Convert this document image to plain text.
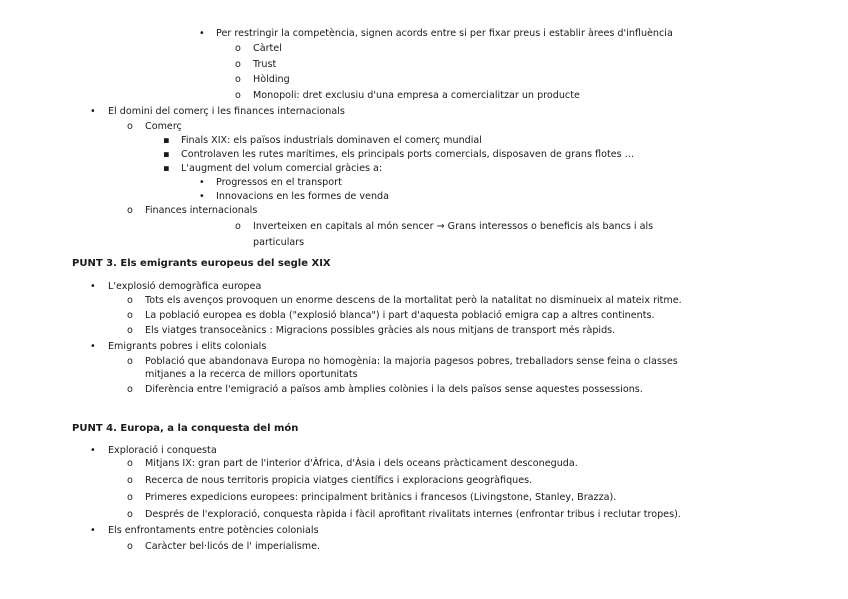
• Per restringir la competència, signen acords entre si per fixar preus i establir àrees d'influència
o Càrtel
o Trust
o Hòlding
o Monopoli: dret exclusiu d'una empresa a comercialitzar un producte
• El domini del comerç i les finances internacionals
o Comerç
▪ Finals XIX: els països industrials dominaven el comerç mundial
▪ Controlaven les rutes marítimes, els principals ports comercials, disposaven de grans flotes …
▪ L'augment del volum comercial gràcies a:
• Progressos en el transport
• Innovacions en les formes de venda
o Finances internacionals
o Inverteixen en capitals al món sencer → Grans interessos o beneficis als bancs i als
particulars
PUNT 3. Els emigrants europeus del segle XIX
• L'explosió demogràfica europea
o Tots els avenços provoquen un enorme descens de la mortalitat però la natalitat no disminueix al mateix ritme.
o La població europea es dobla ("explosió blanca") i part d'aquesta població emigra cap a altres continents.
o Els viatges transoceànics : Migracions possibles gràcies als nous mitjans de transport més ràpids.
• Emigrants pobres i elits colonials
o Població que abandonava Europa no homogènia: la majoria pagesos pobres, treballadors sense feina o classes
mitjanes a la recerca de millors oportunitats
o Diferència entre l'emigració a països amb àmplies colònies i la dels països sense aquestes possessions.
PUNT 4. Europa, a la conquesta del món
• Exploració i conquesta
o Mitjans IX: gran part de l'interior d'Àfrica, d'Àsia i dels oceans pràcticament desconeguda.
o Recerca de nous territoris propicia viatges científics i exploracions geogràfiques.
o Primeres expedicions europees: principalment britànics i francesos (Livingstone, Stanley, Brazza).
o Després de l'exploració, conquesta ràpida i fàcil aprofitant rivalitats internes (enfrontar tribus i reclutar tropes).
• Els enfrontaments entre potències colonials
o Caràcter bel·licós de l' imperialisme.
